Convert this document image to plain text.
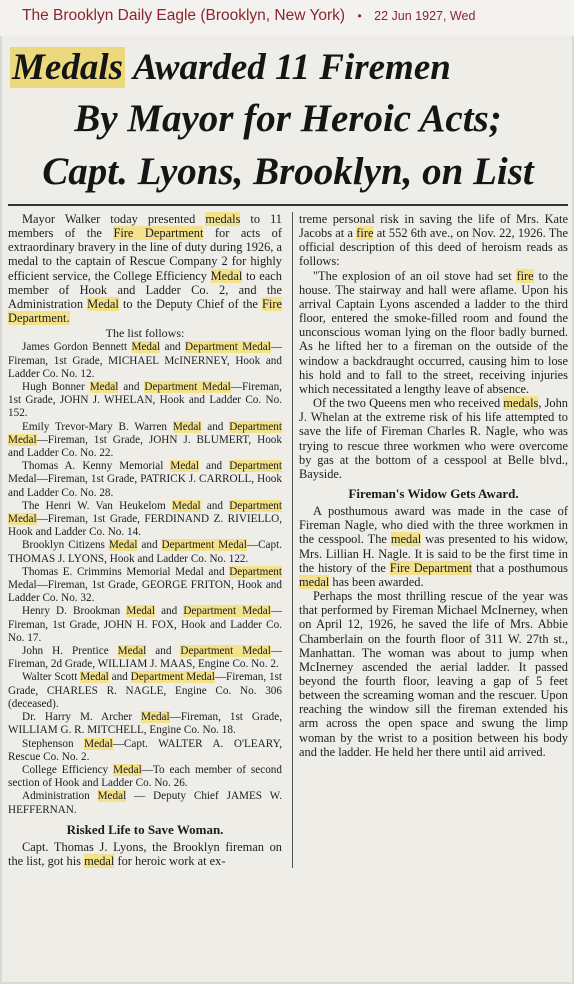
The Brooklyn Daily Eagle (Brooklyn, New York) • 22 Jun 1927, Wed
Medals Awarded 11 Firemen
By Mayor for Heroic Acts;
Capt. Lyons, Brooklyn, on List

Mayor Walker today presented medals to 11 members of the Fire Department for acts of extraordinary bravery in the line of duty during 1926, a medal to the captain of Rescue Company 2 for highly efficient service, the College Efficiency Medal to each member of Hook and Ladder Co. 2, and the Administration Medal to the Deputy Chief of the Fire Department.

The list follows:

James Gordon Bennett Medal and Department Medal—Fireman, 1st Grade, MICHAEL McINERNEY, Hook and Ladder Co. No. 12.

Hugh Bonner Medal and Department Medal—Fireman, 1st Grade, JOHN J. WHELAN, Hook and Ladder Co. No. 152.

Emily Trevor-Mary B. Warren Medal and Department Medal—Fireman, 1st Grade, JOHN J. BLUMERT, Hook and Ladder Co. No. 22.

Thomas A. Kenny Memorial Medal and Department Medal—Fireman, 1st Grade, PATRICK J. CARROLL, Hook and Ladder Co. No. 28.

The Henri W. Van Heukelom Medal and Department Medal—Fireman, 1st Grade, FERDINAND Z. RIVIELLO, Hook and Ladder Co. No. 14.

Brooklyn Citizens Medal and Department Medal—Capt. THOMAS J. LYONS, Hook and Ladder Co. No. 122.

Thomas E. Crimmins Memorial Medal and Department Medal—Fireman, 1st Grade, GEORGE FRITON, Hook and Ladder Co. No. 32.

Henry D. Brookman Medal and Department Medal—Fireman, 1st Grade, JOHN H. FOX, Hook and Ladder Co. No. 17.

John H. Prentice Medal and Department Medal—Fireman, 2d Grade, WILLIAM J. MAAS, Engine Co. No. 2.

Walter Scott Medal and Department Medal—Fireman, 1st Grade, CHARLES R. NAGLE, Engine Co. No. 306 (deceased).

Dr. Harry M. Archer Medal—Fireman, 1st Grade, WILLIAM G. R. MITCHELL, Engine Co. No. 18.

Stephenson Medal—Capt. WALTER A. O'LEARY, Rescue Co. No. 2.

College Efficiency Medal—To each member of second section of Hook and Ladder Co. No. 26.

Administration Medal — Deputy Chief JAMES W. HEFFERNAN.

Risked Life to Save Woman.

Capt. Thomas J. Lyons, the Brooklyn fireman on the list, got his medal for heroic work at ex-

treme personal risk in saving the life of Mrs. Kate Jacobs at a fire at 552 6th ave., on Nov. 22, 1926. The official description of this deed of heroism reads as follows:

"The explosion of an oil stove had set fire to the house. The stairway and hall were aflame. Upon his arrival Captain Lyons ascended a ladder to the third floor, entered the smoke-filled room and found the unconscious woman lying on the floor badly burned. As he lifted her to a fireman on the outside of the window a backdraught occurred, causing him to lose his hold and to fall to the street, receiving injuries which necessitated a lengthy leave of absence.

Of the two Queens men who received medals, John J. Whelan at the extreme risk of his life attempted to save the life of Fireman Charles R. Nagle, who was trying to rescue three workmen who were overcome by gas at the bottom of a cesspool at Belle blvd., Bayside.

Fireman's Widow Gets Award.

A posthumous award was made in the case of Fireman Nagle, who died with the three workmen in the cesspool. The medal was presented to his widow, Mrs. Lillian H. Nagle. It is said to be the first time in the history of the Fire Department that a posthumous medal has been awarded.

Perhaps the most thrilling rescue of the year was that performed by Fireman Michael McInerney, when on April 12, 1926, he saved the life of Mrs. Abbie Chamberlain on the fourth floor of 311 W. 27th st., Manhattan. The woman was about to jump when McInerney ascended the aerial ladder. It passed beyond the fourth floor, leaving a gap of 5 feet between the screaming woman and the rescuer. Upon reaching the window sill the fireman extended his arm across the open space and swung the limp woman by the wrist to a position between his body and the ladder. He held her there until aid arrived.
